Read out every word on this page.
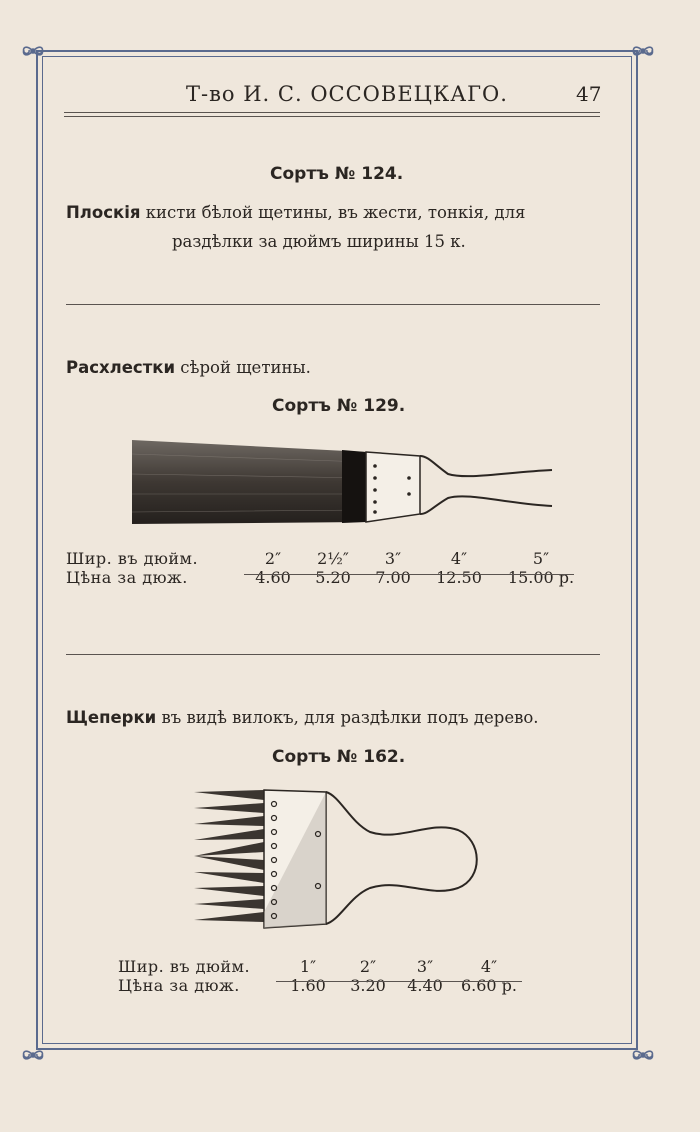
Т-во И. С. ОССОВЕЦКАГО.	47
Сортъ № 124.
Плоскія кисти бѣлой щетины, въ жести, тонкія, для
раздѣлки за дюймъ ширины 15 к.
Расхлестки сѣрой щетины.
Сортъ № 129.
Шир. въ дюйм.	2″	2½″	3″	4″	5″
Цѣна за дюж.	4.60	5.20	7.00	12.50	15.00 р.
Щеперки въ видѣ вилокъ, для раздѣлки подъ дерево.
Сортъ № 162.
Шир. въ дюйм.	1″	2″	3″	4″
Цѣна за дюж.	1.60	3.20	4.40	6.60 р.
